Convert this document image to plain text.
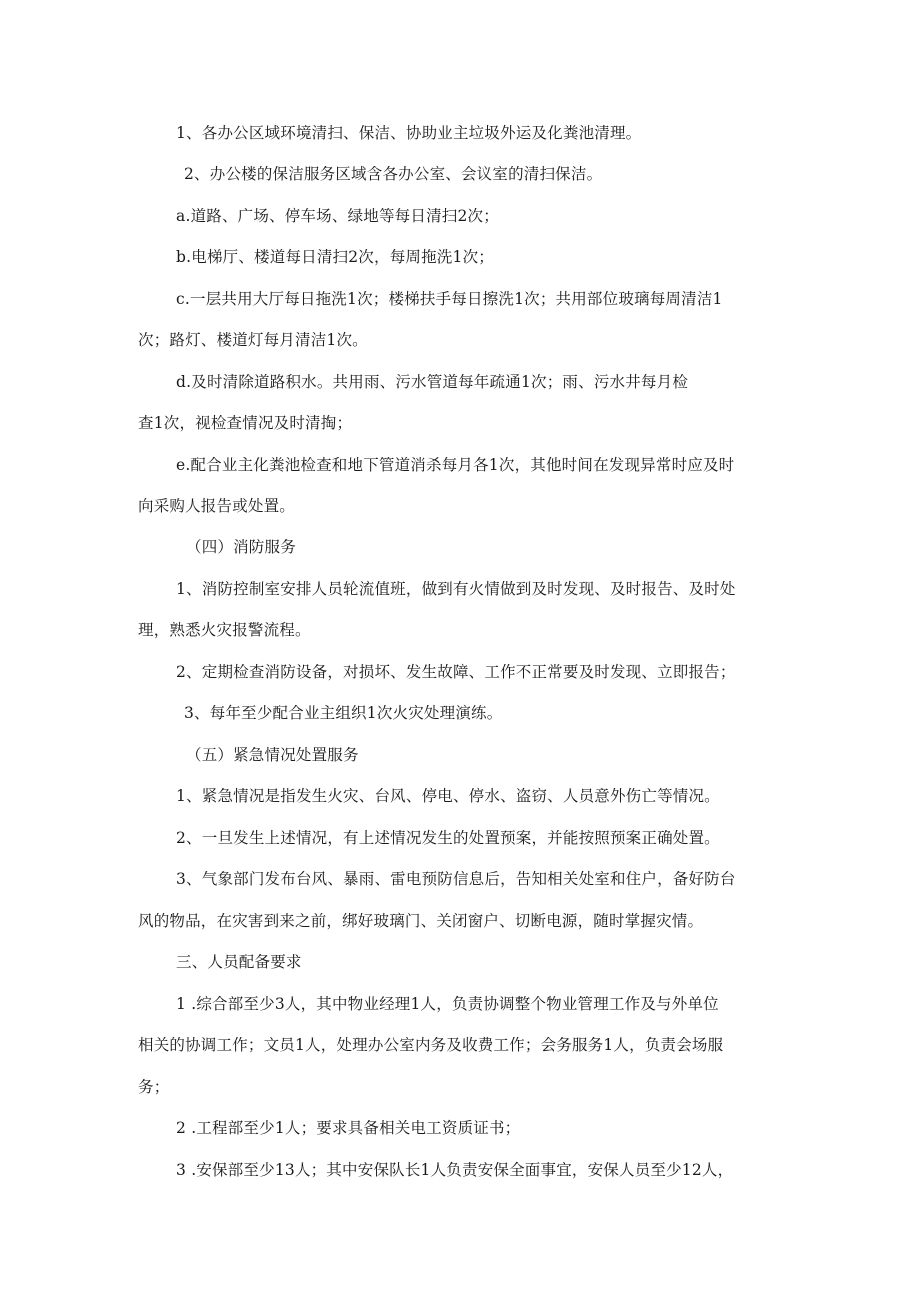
1、各办公区域环境清扫、保洁、协助业主垃圾外运及化粪池清理。
2、办公楼的保洁服务区域含各办公室、会议室的清扫保洁。
a.道路、广场、停车场、绿地等每日清扫2次；
b.电梯厅、楼道每日清扫2次，每周拖洗1次；
c.一层共用大厅每日拖洗1次；楼梯扶手每日擦洗1次；共用部位玻璃每周清洁1
次；路灯、楼道灯每月清洁1次。
d.及时清除道路积水。共用雨、污水管道每年疏通1次；雨、污水井每月检
查1次，视检查情况及时清掏；
e.配合业主化粪池检查和地下管道消杀每月各1次，其他时间在发现异常时应及时
向采购人报告或处置。
（四）消防服务
1、消防控制室安排人员轮流值班，做到有火情做到及时发现、及时报告、及时处
理，熟悉火灾报警流程。
2、定期检查消防设备，对损坏、发生故障、工作不正常要及时发现、立即报告；
3、每年至少配合业主组织1次火灾处理演练。
（五）紧急情况处置服务
1、紧急情况是指发生火灾、台风、停电、停水、盗窃、人员意外伤亡等情况。
2、一旦发生上述情况，有上述情况发生的处置预案，并能按照预案正确处置。
3、气象部门发布台风、暴雨、雷电预防信息后，告知相关处室和住户，备好防台
风的物品，在灾害到来之前，绑好玻璃门、关闭窗户、切断电源，随时掌握灾情。
三、人员配备要求
1 .综合部至少3人，其中物业经理1人，负责协调整个物业管理工作及与外单位
相关的协调工作；文员1人，处理办公室内务及收费工作；会务服务1人，负责会场服
务；
2 .工程部至少1人；要求具备相关电工资质证书；
3 .安保部至少13人；其中安保队长1人负责安保全面事宜，安保人员至少12人，
